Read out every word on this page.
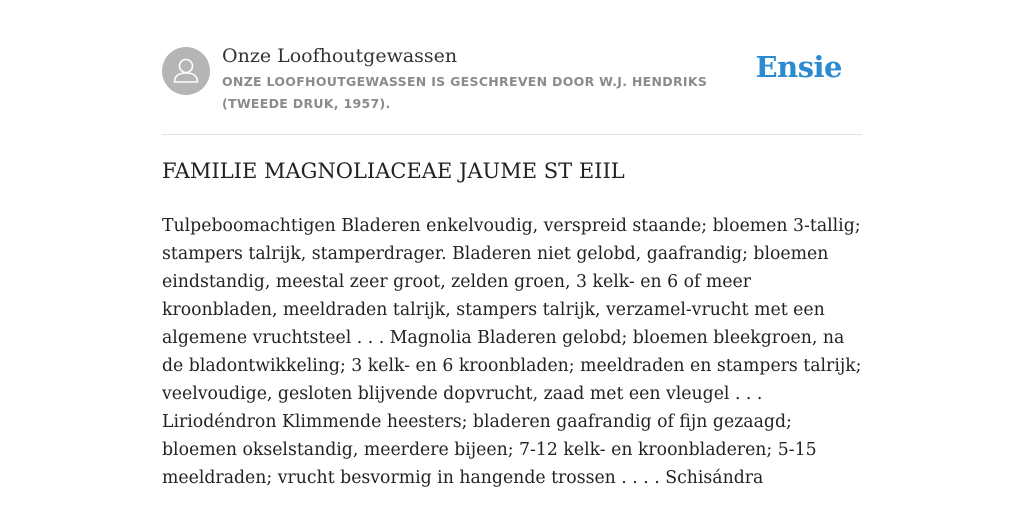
Onze Loofhoutgewassen
ONZE LOOFHOUTGEWASSEN IS GESCHREVEN DOOR W.J. HENDRIKS (TWEEDE DRUK, 1957).
Ensie
FAMILIE MAGNOLIACEAE JAUME ST EIIL

Tulpeboomachtigen Bladeren enkelvoudig, verspreid staande; bloemen 3-tallig; stampers talrijk, stamperdrager. Bladeren niet gelobd, gaafrandig; bloemen eindstandig, meestal zeer groot, zelden groen, 3 kelk- en 6 of meer kroonbladen, meeldraden talrijk, stampers talrijk, verzamel-vrucht met een algemene vruchtsteel . . . Magnolia Bladeren gelobd; bloemen bleekgroen, na de bladontwikkeling; 3 kelk- en 6 kroonbladen; meeldraden en stampers talrijk; veelvoudige, gesloten blijvende dopvrucht, zaad met een vleugel . . . Liriodéndron Klimmende heesters; bladeren gaafrandig of fijn gezaagd; bloemen okselstandig, meerdere bijeen; 7-12 kelk- en kroonbladeren; 5-15 meeldraden; vrucht besvormig in hangende trossen . . . . Schisándra
